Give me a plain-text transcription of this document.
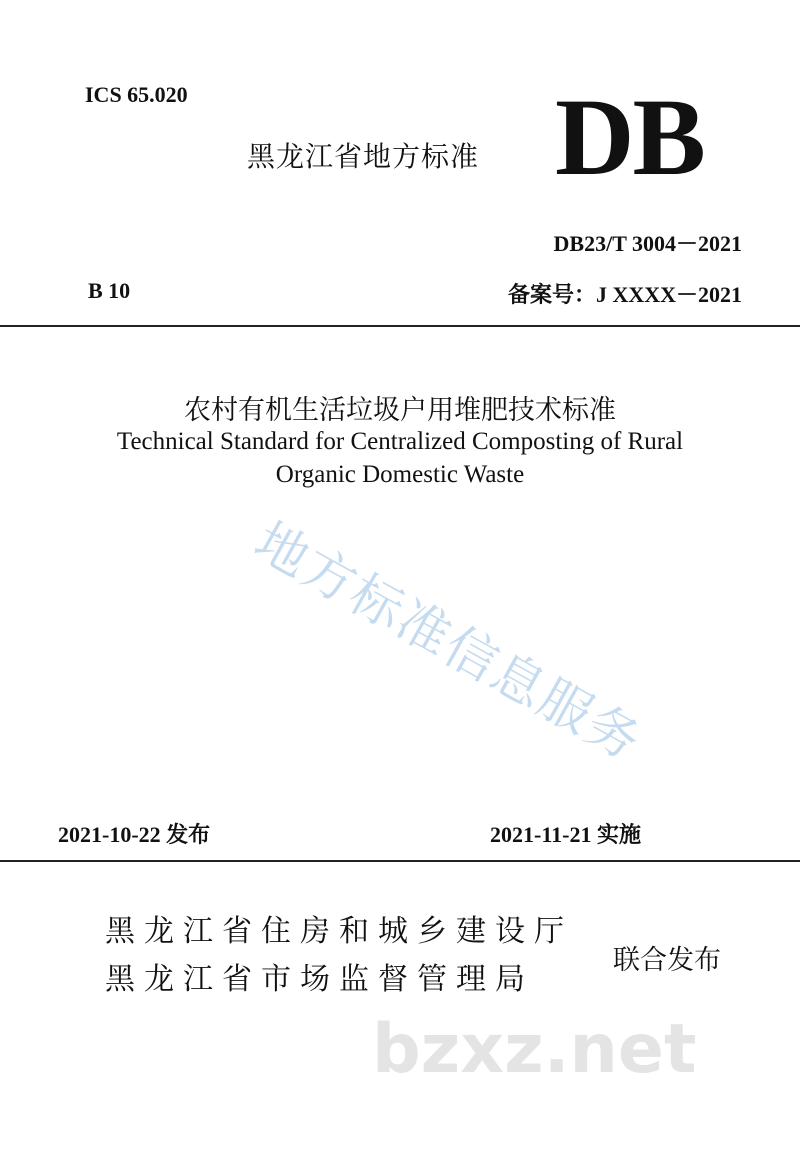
ICS 65.020
黑龙江省地方标准 DB
DB23/T 3004－2021
B 10	备案号：J XXXX－2021
农村有机生活垃圾户用堆肥技术标准
Technical Standard for Centralized Composting of Rural
Organic Domestic Waste
地方标准信息服务
2021-10-22 发布	2021-11-21 实施
黑龙江省住房和城乡建设厅
黑龙江省市场监督管理局
联合发布
bzxz.net
